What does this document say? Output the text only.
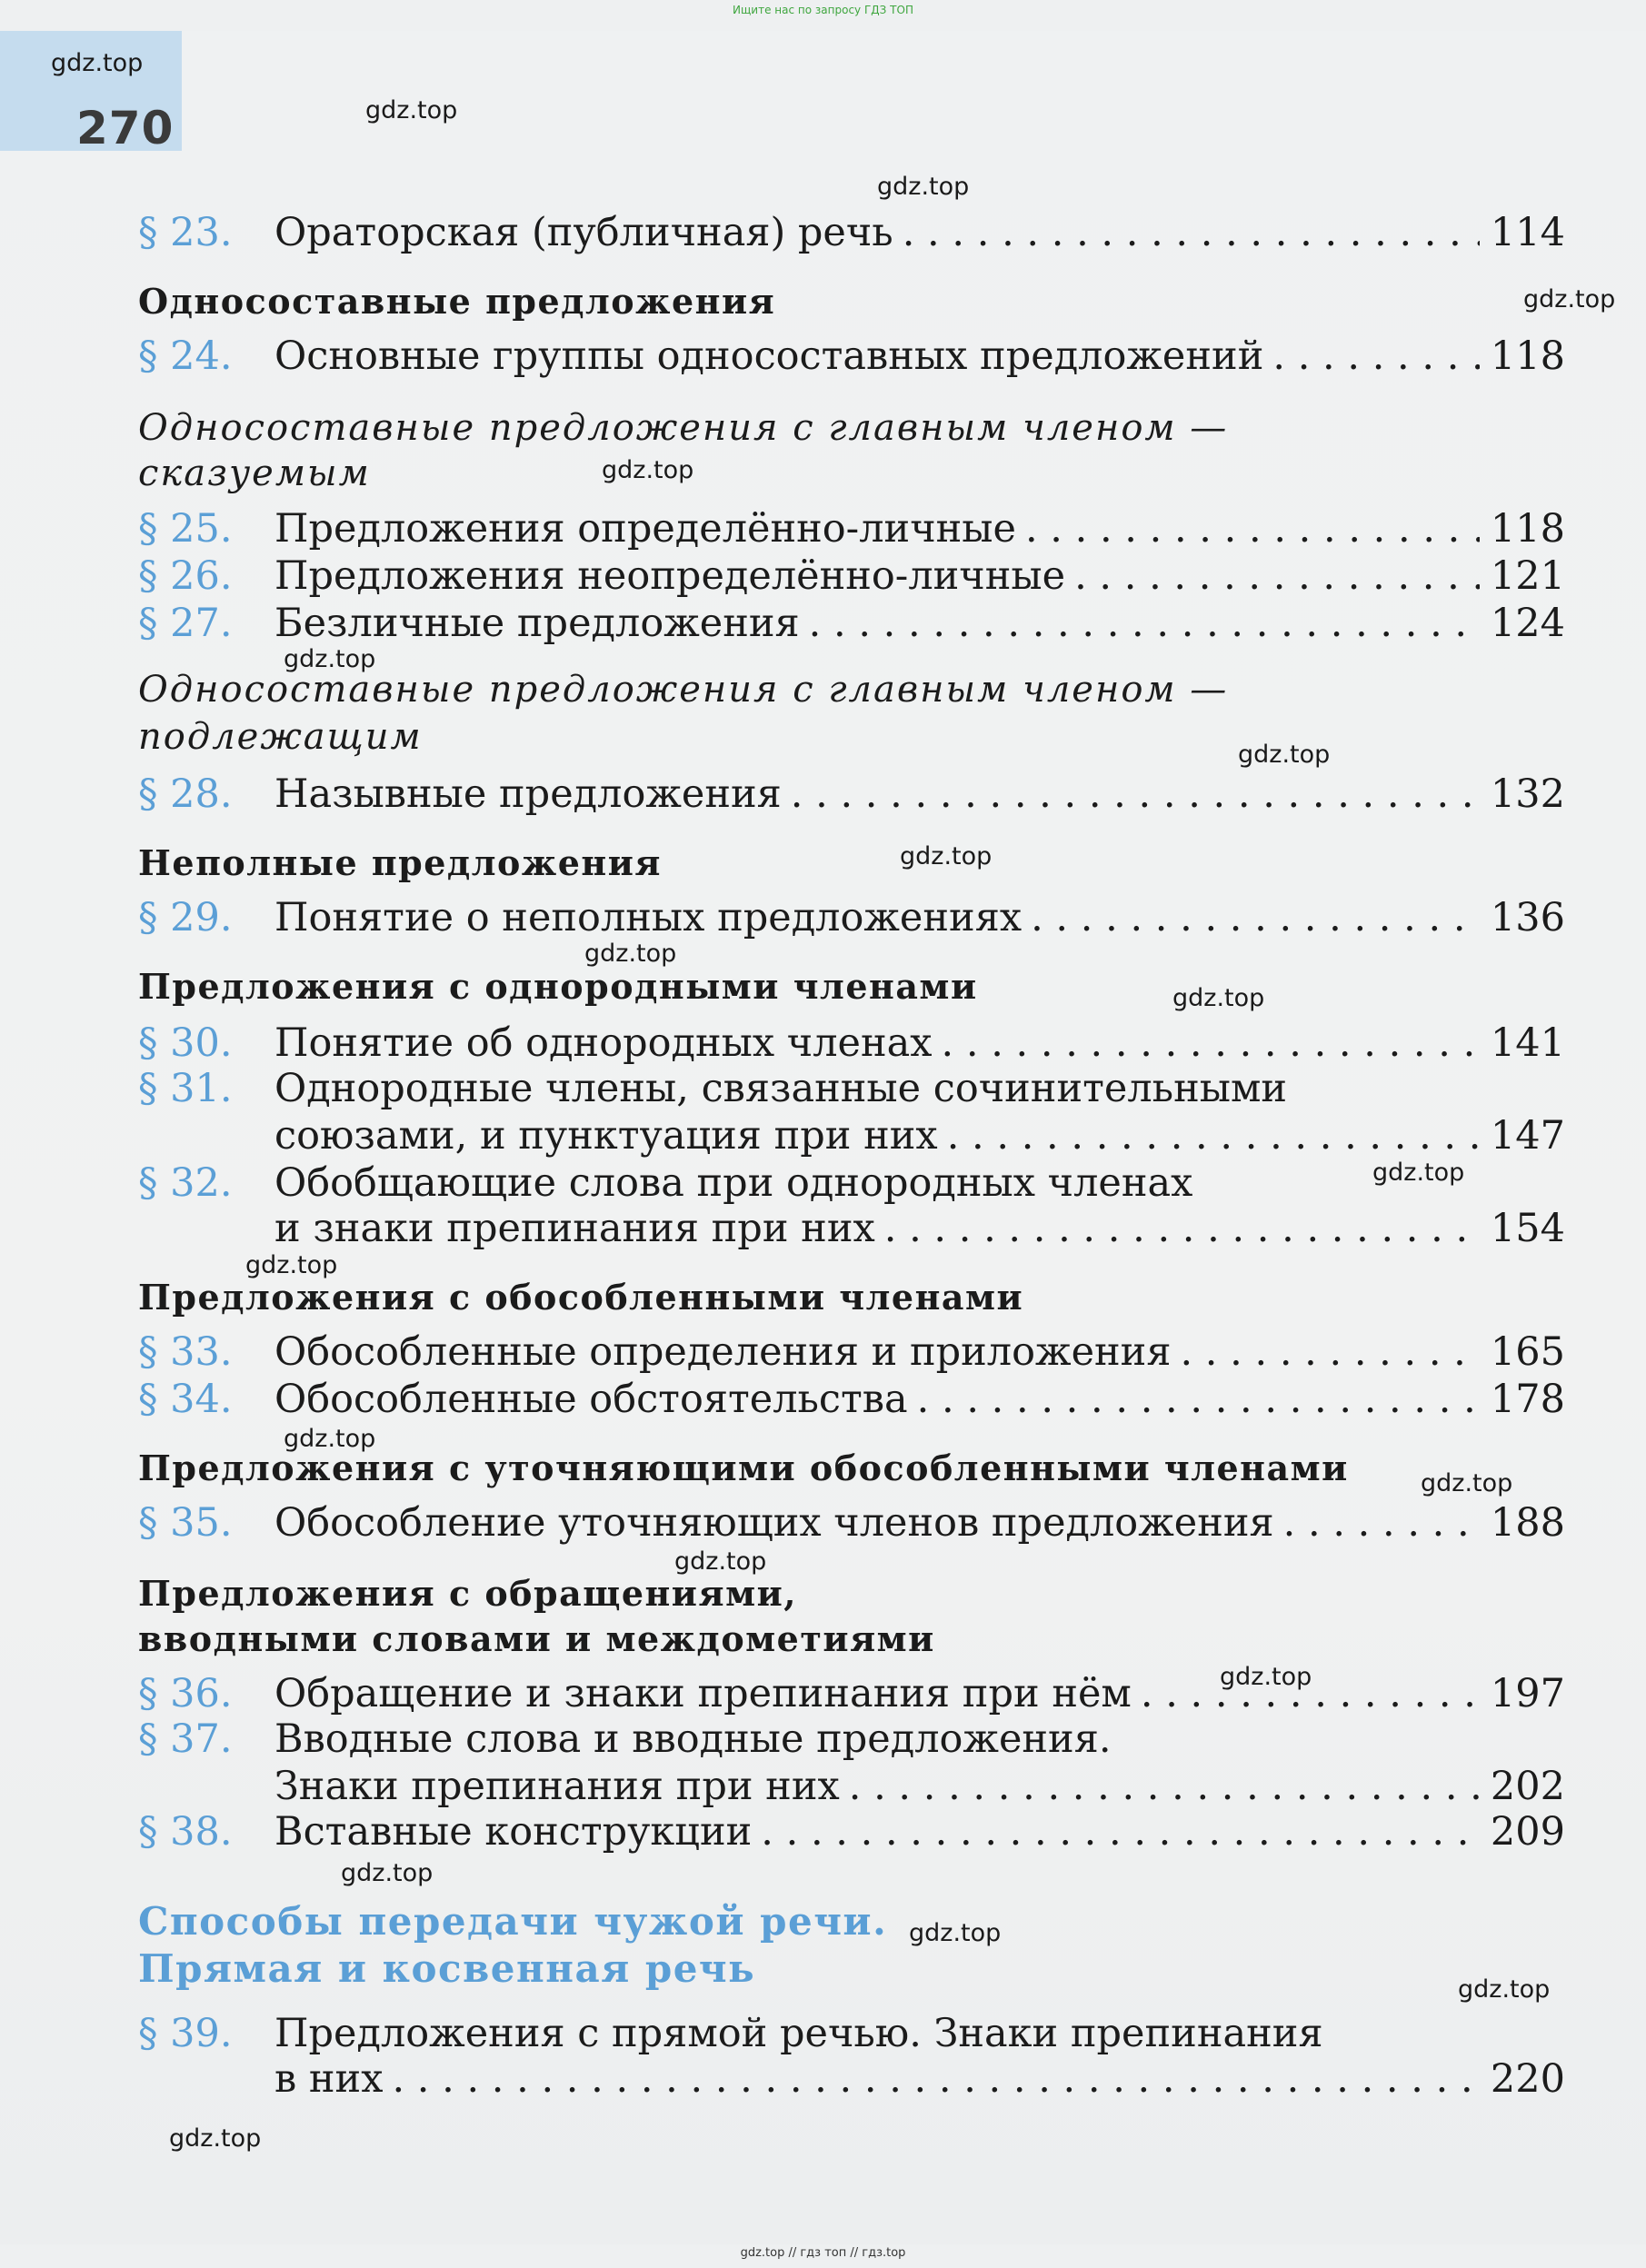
Ищите нас по запросу ГДЗ ТОП
270
gdz.top
gdz.top
gdz.top
gdz.top
gdz.top
gdz.top
gdz.top
gdz.top
gdz.top
gdz.top
gdz.top
gdz.top
gdz.top
gdz.top
gdz.top
gdz.top
gdz.top
gdz.top
gdz.top
gdz.top
§ 23.	Ораторская (публичная) речь . . .	114
Односоставные предложения
§ 24.	Основные группы односоставных предложений . . .	118
Односоставные предложения с главным членом —
сказуемым
§ 25.	Предложения определённо-личные . . .	118
§ 26.	Предложения неопределённо-личные . . .	121
§ 27.	Безличные предложения . . .	124
Односоставные предложения с главным членом —
подлежащим
§ 28.	Назывные предложения . . .	132
Неполные предложения
§ 29.	Понятие о неполных предложениях . . .	136
Предложения с однородными членами
§ 30.	Понятие об однородных членах . . .	141
§ 31.	Однородные члены, связанные сочинительными
союзами, и пунктуация при них . . .	147
§ 32.	Обобщающие слова при однородных членах
и знаки препинания при них . . .	154
Предложения с обособленными членами
§ 33.	Обособленные определения и приложения . . .	165
§ 34.	Обособленные обстоятельства . . .	178
Предложения с уточняющими обособленными членами
§ 35.	Обособление уточняющих членов предложения . . .	188
Предложения с обращениями,
вводными словами и междометиями
§ 36.	Обращение и знаки препинания при нём . . .	197
§ 37.	Вводные слова и вводные предложения.
Знаки препинания при них . . .	202
§ 38.	Вставные конструкции . . .	209
Способы передачи чужой речи.
Прямая и косвенная речь
§ 39.	Предложения с прямой речью. Знаки препинания
в них . . .	220
gdz.top // гдз топ // гдз.top
